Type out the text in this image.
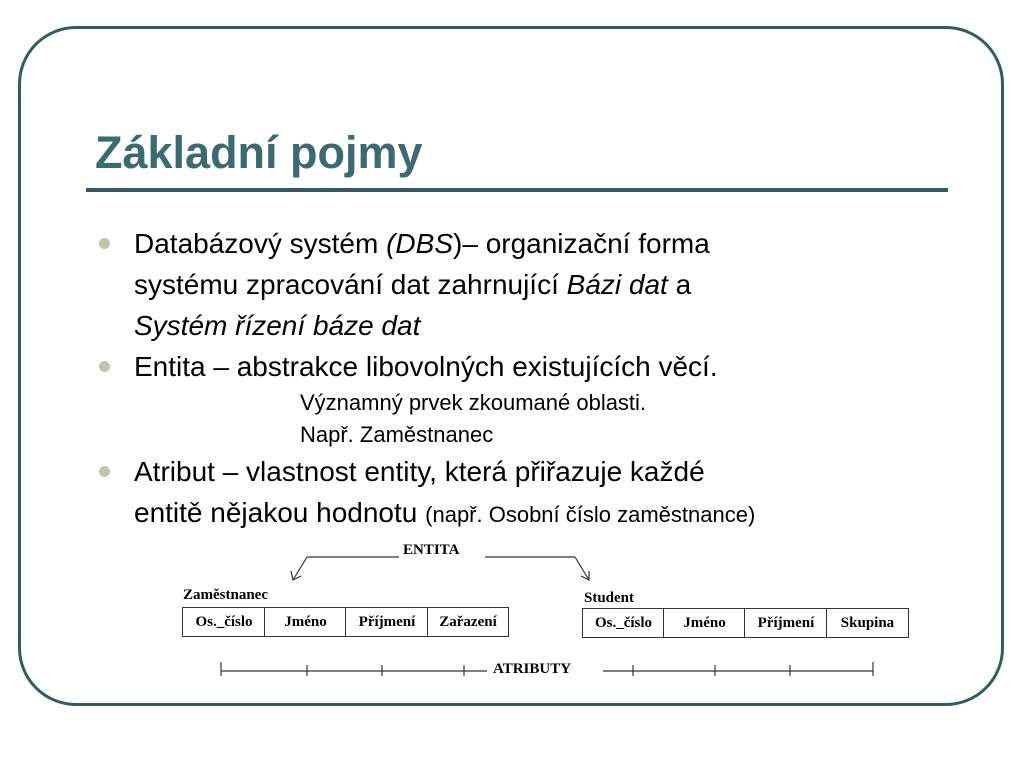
Základní pojmy
Databázový systém (DBS)– organizační forma
systému zpracování dat zahrnující Bázi dat a
Systém řízení báze dat
Entita – abstrakce libovolných existujících věcí.
Významný prvek zkoumané oblasti.
Např. Zaměstnanec
Atribut – vlastnost entity, která přiřazuje každé
entitě nějakou hodnotu (např. Osobní číslo zaměstnance)
ENTITA
ATRIBUTY
Zaměstnanec
Os._číslo	Jméno	Příjmení	Zařazení
Student
Os._číslo	Jméno	Příjmení	Skupina
